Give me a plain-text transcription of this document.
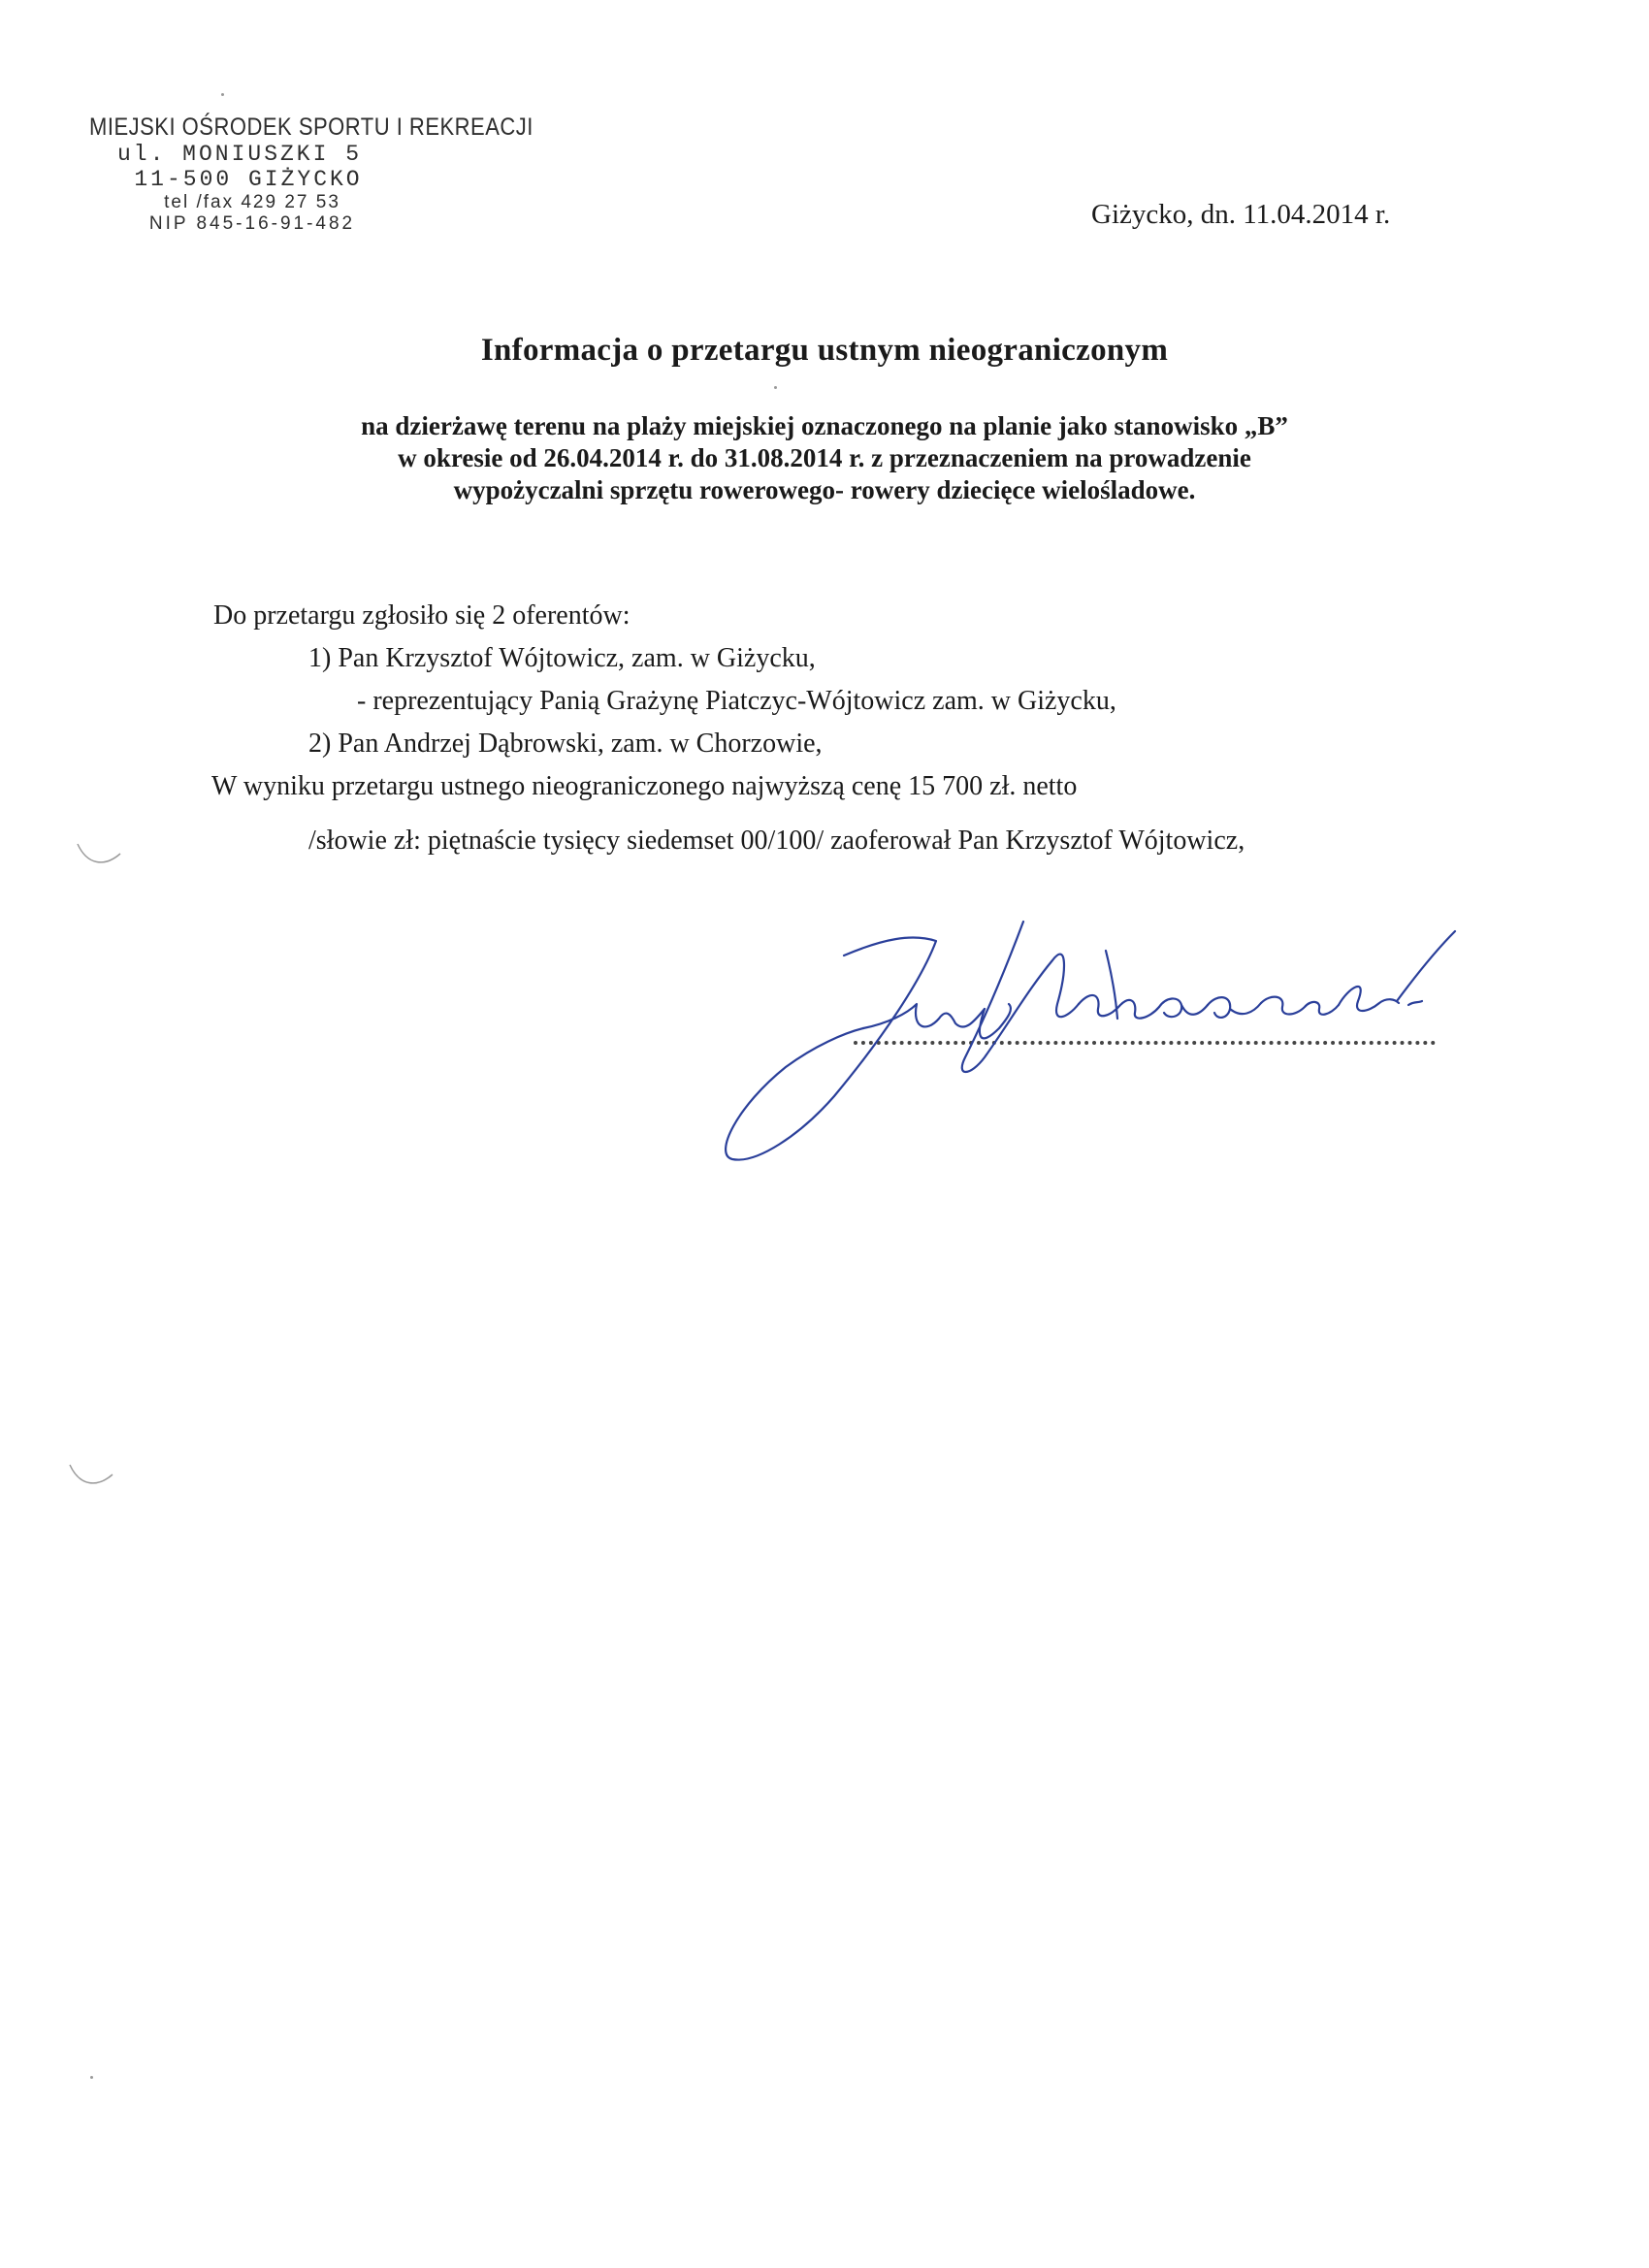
MIEJSKI OŚRODEK SPORTU I REKREACJI
ul. MONIUSZKI 5
11-500 GIŻYCKO
tel /fax 429 27 53
NIP 845-16-91-482	Giżycko, dn. 11.04.2014 r.
Informacja o przetargu ustnym nieograniczonym
na dzierżawę terenu na plaży miejskiej oznaczonego na planie jako stanowisko „B”
w okresie od 26.04.2014 r. do 31.08.2014 r. z przeznaczeniem na prowadzenie
wypożyczalni sprzętu rowerowego- rowery dziecięce wielośladowe.
Do przetargu zgłosiło się 2 oferentów:
1) Pan Krzysztof Wójtowicz, zam. w Giżycku,
- reprezentujący Panią Grażynę Piatczyc-Wójtowicz zam. w Giżycku,
2) Pan Andrzej Dąbrowski, zam. w Chorzowie,
W wyniku przetargu ustnego nieograniczonego najwyższą cenę 15 700 zł. netto
/słowie zł: piętnaście tysięcy siedemset 00/100/ zaoferował Pan Krzysztof Wójtowicz,
